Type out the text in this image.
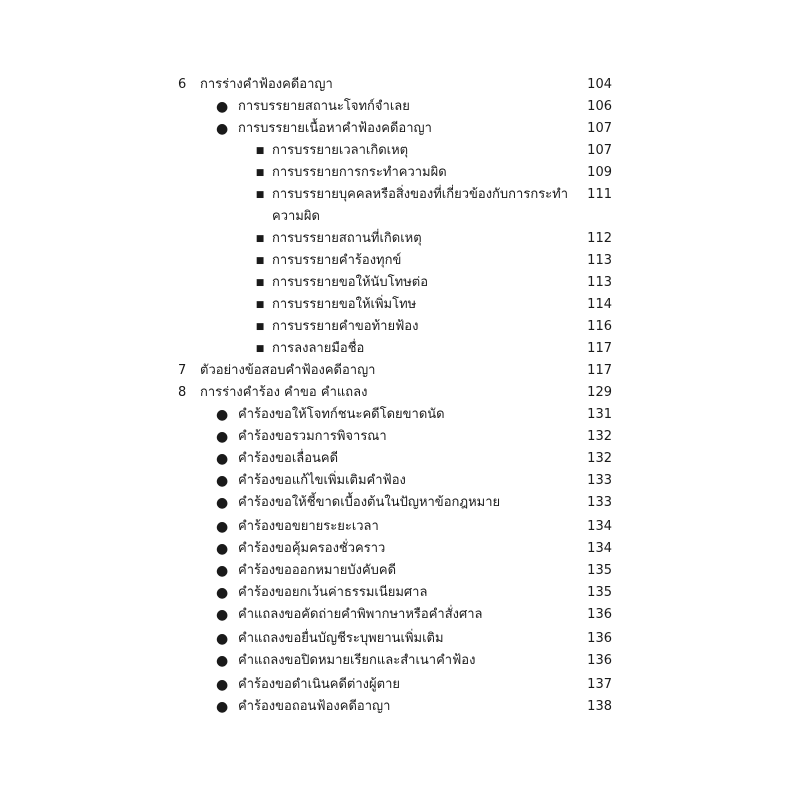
6	การร่างคำฟ้องคดีอาญา	104
● การบรรยายสถานะโจทก์จำเลย	106
● การบรรยายเนื้อหาคำฟ้องคดีอาญา	107
■ การบรรยายเวลาเกิดเหตุ	107
■ การบรรยายการกระทำความผิด	109
■ การบรรยายบุคคลหรือสิ่งของที่เกี่ยวข้องกับการกระทำ	111
ความผิด
■ การบรรยายสถานที่เกิดเหตุ	112
■ การบรรยายคำร้องทุกข์	113
■ การบรรยายขอให้นับโทษต่อ	113
■ การบรรยายขอให้เพิ่มโทษ	114
■ การบรรยายคำขอท้ายฟ้อง	116
■ การลงลายมือชื่อ	117
7	ตัวอย่างข้อสอบคำฟ้องคดีอาญา	117
8	การร่างคำร้อง คำขอ คำแถลง	129
● คำร้องขอให้โจทก์ชนะคดีโดยขาดนัด	131
● คำร้องขอรวมการพิจารณา	132
● คำร้องขอเลื่อนคดี	132
● คำร้องขอแก้ไขเพิ่มเติมคำฟ้อง	133
● คำร้องขอให้ชี้ขาดเบื้องต้นในปัญหาข้อกฎหมาย	133
● คำร้องขอขยายระยะเวลา	134
● คำร้องขอคุ้มครองชั่วคราว	134
● คำร้องขอออกหมายบังคับคดี	135
● คำร้องขอยกเว้นค่าธรรมเนียมศาล	135
● คำแถลงขอคัดถ่ายคำพิพากษาหรือคำสั่งศาล	136
● คำแถลงขอยื่นบัญชีระบุพยานเพิ่มเติม	136
● คำแถลงขอปิดหมายเรียกและสำเนาคำฟ้อง	136
● คำร้องขอดำเนินคดีต่างผู้ตาย	137
● คำร้องขอถอนฟ้องคดีอาญา	138
